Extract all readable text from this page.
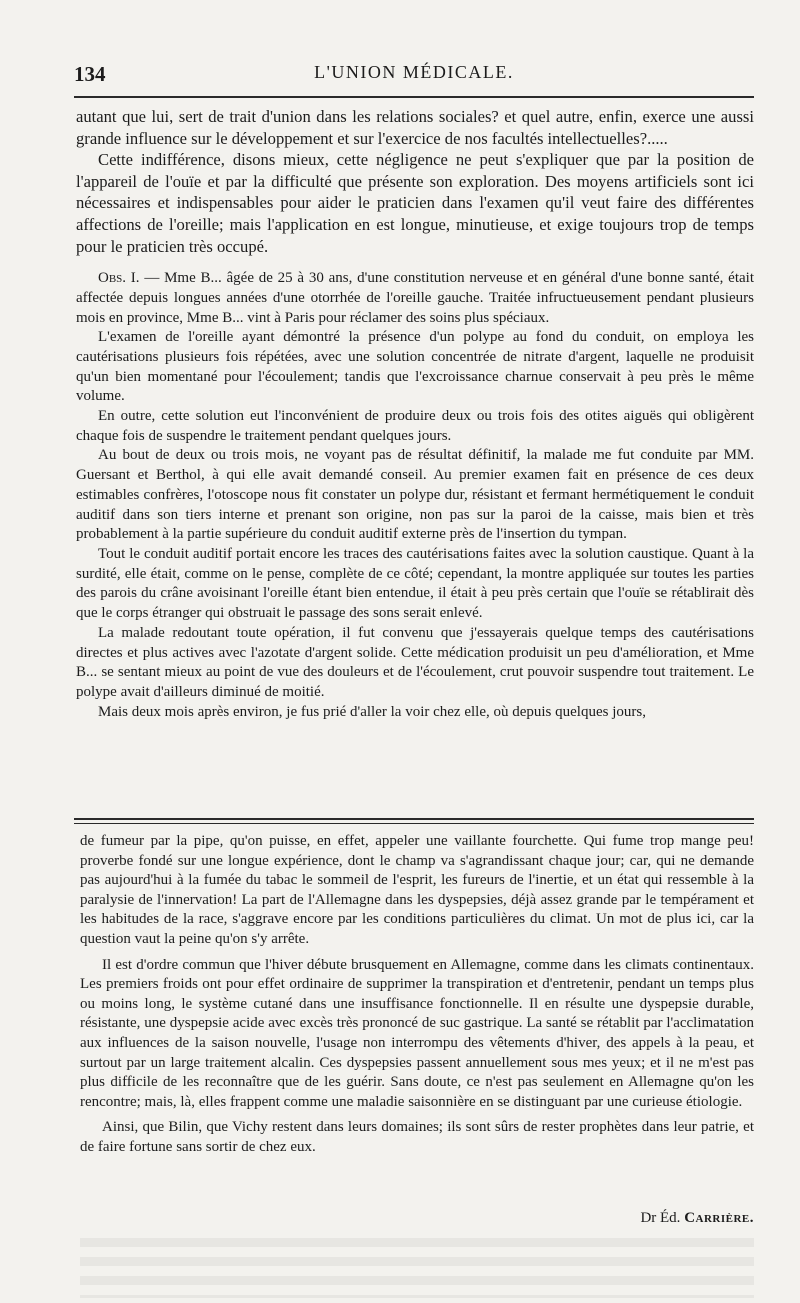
134	L'UNION MÉDICALE.

autant que lui, sert de trait d'union dans les relations sociales? et quel autre, enfin, exerce une aussi grande influence sur le développement et sur l'exercice de nos facultés intellectuelles?.....

Cette indifférence, disons mieux, cette négligence ne peut s'expliquer que par la position de l'appareil de l'ouïe et par la difficulté que présente son exploration. Des moyens artificiels sont ici nécessaires et indispensables pour aider le praticien dans l'examen qu'il veut faire des différentes affections de l'oreille; mais l'application en est longue, minutieuse, et exige toujours trop de temps pour le praticien très occupé.

Obs. I. — Mme B... âgée de 25 à 30 ans, d'une constitution nerveuse et en général d'une bonne santé, était affectée depuis longues années d'une otorrhée de l'oreille gauche. Traitée infructueusement pendant plusieurs mois en province, Mme B... vint à Paris pour réclamer des soins plus spéciaux.

L'examen de l'oreille ayant démontré la présence d'un polype au fond du conduit, on employa les cautérisations plusieurs fois répétées, avec une solution concentrée de nitrate d'argent, laquelle ne produisit qu'un bien momentané pour l'écoulement; tandis que l'excroissance charnue conservait à peu près le même volume.

En outre, cette solution eut l'inconvénient de produire deux ou trois fois des otites aiguës qui obligèrent chaque fois de suspendre le traitement pendant quelques jours.

Au bout de deux ou trois mois, ne voyant pas de résultat définitif, la malade me fut conduite par MM. Guersant et Berthol, à qui elle avait demandé conseil. Au premier examen fait en présence de ces deux estimables confrères, l'otoscope nous fit constater un polype dur, résistant et fermant hermétiquement le conduit auditif dans son tiers interne et prenant son origine, non pas sur la paroi de la caisse, mais bien et très probablement à la partie supérieure du conduit auditif externe près de l'insertion du tympan.

Tout le conduit auditif portait encore les traces des cautérisations faites avec la solution caustique. Quant à la surdité, elle était, comme on le pense, complète de ce côté; cependant, la montre appliquée sur toutes les parties des parois du crâne avoisinant l'oreille étant bien entendue, il était à peu près certain que l'ouïe se rétablirait dès que le corps étranger qui obstruait le passage des sons serait enlevé.

La malade redoutant toute opération, il fut convenu que j'essayerais quelque temps des cautérisations directes et plus actives avec l'azotate d'argent solide. Cette médication produisit un peu d'amélioration, et Mme B... se sentant mieux au point de vue des douleurs et de l'écoulement, crut pouvoir suspendre tout traitement. Le polype avait d'ailleurs diminué de moitié.

Mais deux mois après environ, je fus prié d'aller la voir chez elle, où depuis quelques jours,

de fumeur par la pipe, qu'on puisse, en effet, appeler une vaillante fourchette. Qui fume trop mange peu! proverbe fondé sur une longue expérience, dont le champ va s'agrandissant chaque jour; car, qui ne demande pas aujourd'hui à la fumée du tabac le sommeil de l'esprit, les fureurs de l'inertie, et un état qui ressemble à la paralysie de l'innervation! La part de l'Allemagne dans les dyspepsies, déjà assez grande par le tempérament et les habitudes de la race, s'aggrave encore par les conditions particulières du climat. Un mot de plus ici, car la question vaut la peine qu'on s'y arrête.

Il est d'ordre commun que l'hiver débute brusquement en Allemagne, comme dans les climats continentaux. Les premiers froids ont pour effet ordinaire de supprimer la transpiration et d'entretenir, pendant un temps plus ou moins long, le système cutané dans une insuffisance fonctionnelle. Il en résulte une dyspepsie durable, résistante, une dyspepsie acide avec excès très prononcé de suc gastrique. La santé se rétablit par l'acclimatation aux influences de la saison nouvelle, l'usage non interrompu des vêtements d'hiver, des appels à la peau, et surtout par un large traitement alcalin. Ces dyspepsies passent annuellement sous mes yeux; et il ne m'est pas plus difficile de les reconnaître que de les guérir. Sans doute, ce n'est pas seulement en Allemagne qu'on les rencontre; mais, là, elles frappent comme une maladie saisonnière en se distinguant par une curieuse étiologie.

Ainsi, que Bilin, que Vichy restent dans leurs domaines; ils sont sûrs de rester prophètes dans leur patrie, et de faire fortune sans sortir de chez eux.

Dr Éd. Carrière.
